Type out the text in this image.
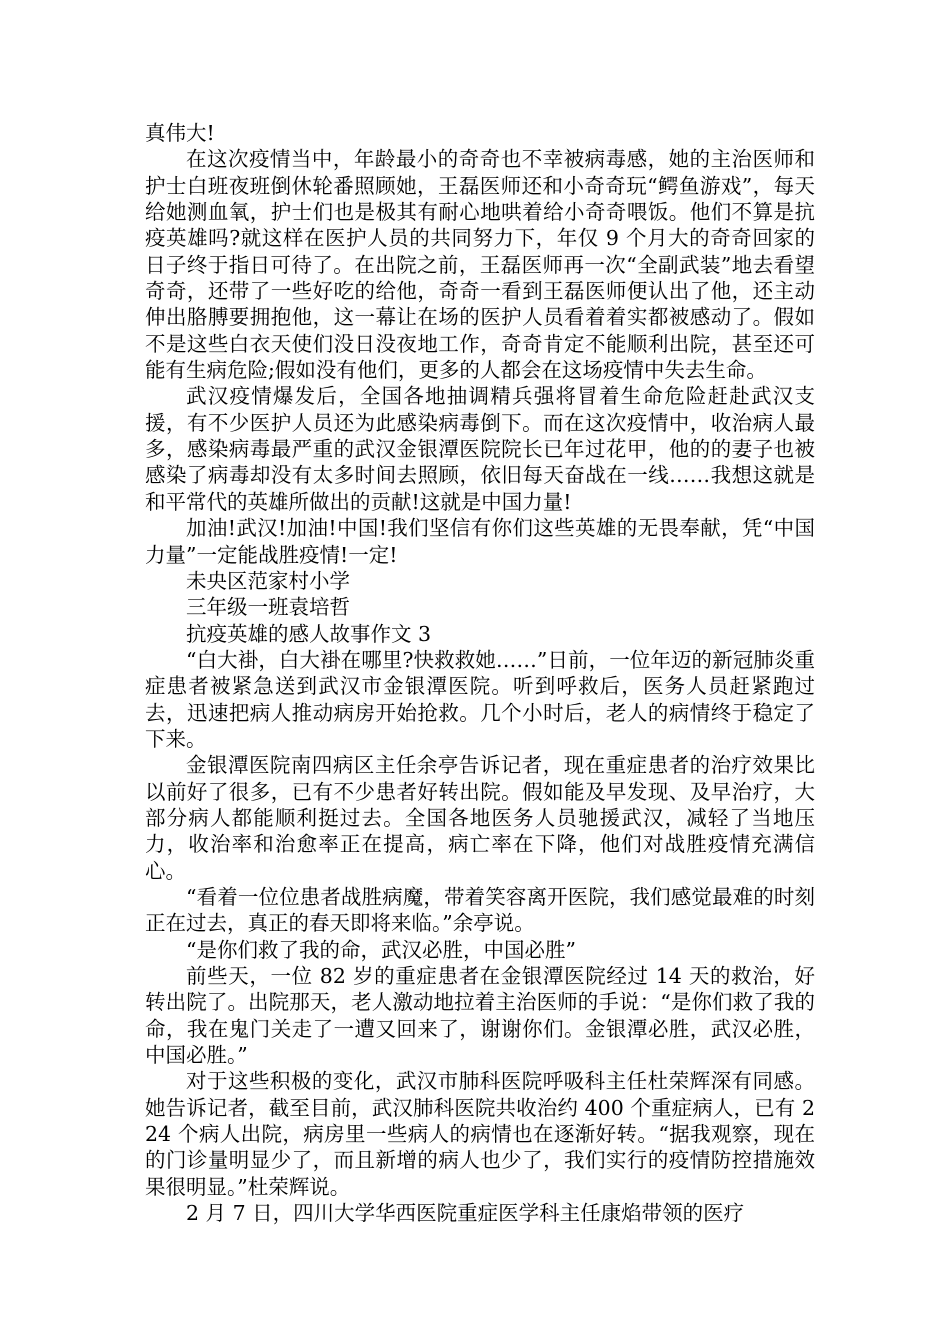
真伟大!

在这次疫情当中，年龄最小的奇奇也不幸被病毒感，她的主治医师和护士白班夜班倒休轮番照顾她，王磊医师还和小奇奇玩“鳄鱼游戏”，每天给她测血氧，护士们也是极其有耐心地哄着给小奇奇喂饭。他们不算是抗疫英雄吗?就这样在医护人员的共同努力下，年仅 9 个月大的奇奇回家的日子终于指日可待了。在出院之前，王磊医师再一次“全副武装”地去看望奇奇，还带了一些好吃的给他，奇奇一看到王磊医师便认出了他，还主动伸出胳膊要拥抱他，这一幕让在场的医护人员看着着实都被感动了。假如不是这些白衣天使们没日没夜地工作，奇奇肯定不能顺利出院，甚至还可能有生病危险;假如没有他们，更多的人都会在这场疫情中失去生命。

武汉疫情爆发后，全国各地抽调精兵强将冒着生命危险赶赴武汉支援，有不少医护人员还为此感染病毒倒下。而在这次疫情中，收治病人最多，感染病毒最严重的武汉金银潭医院院长已年过花甲，他的的妻子也被感染了病毒却没有太多时间去照顾，依旧每天奋战在一线……我想这就是和平常代的英雄所做出的贡献!这就是中国力量!

加油!武汉!加油!中国!我们坚信有你们这些英雄的无畏奉献，凭“中国力量”一定能战胜疫情!一定!

未央区范家村小学

三年级一班袁培哲

抗疫英雄的感人故事作文 3

“白大褂，白大褂在哪里?快救救她……”日前，一位年迈的新冠肺炎重症患者被紧急送到武汉市金银潭医院。听到呼救后，医务人员赶紧跑过去，迅速把病人推动病房开始抢救。几个小时后，老人的病情终于稳定了下来。

金银潭医院南四病区主任余亭告诉记者，现在重症患者的治疗效果比以前好了很多，已有不少患者好转出院。假如能及早发现、及早治疗，大部分病人都能顺利挺过去。全国各地医务人员驰援武汉，减轻了当地压力，收治率和治愈率正在提高，病亡率在下降，他们对战胜疫情充满信心。

“看着一位位患者战胜病魔，带着笑容离开医院，我们感觉最难的时刻正在过去，真正的春天即将来临。”余亭说。

“是你们救了我的命，武汉必胜，中国必胜”

前些天，一位 82 岁的重症患者在金银潭医院经过 14 天的救治，好转出院了。出院那天，老人激动地拉着主治医师的手说：“是你们救了我的命，我在鬼门关走了一遭又回来了，谢谢你们。金银潭必胜，武汉必胜，中国必胜。”

对于这些积极的变化，武汉市肺科医院呼吸科主任杜荣辉深有同感。她告诉记者，截至目前，武汉肺科医院共收治约 400 个重症病人，已有 224 个病人出院，病房里一些病人的病情也在逐渐好转。“据我观察，现在的门诊量明显少了，而且新增的病人也少了，我们实行的疫情防控措施效果很明显。”杜荣辉说。

2 月 7 日，四川大学华西医院重症医学科主任康焰带领的医疗
